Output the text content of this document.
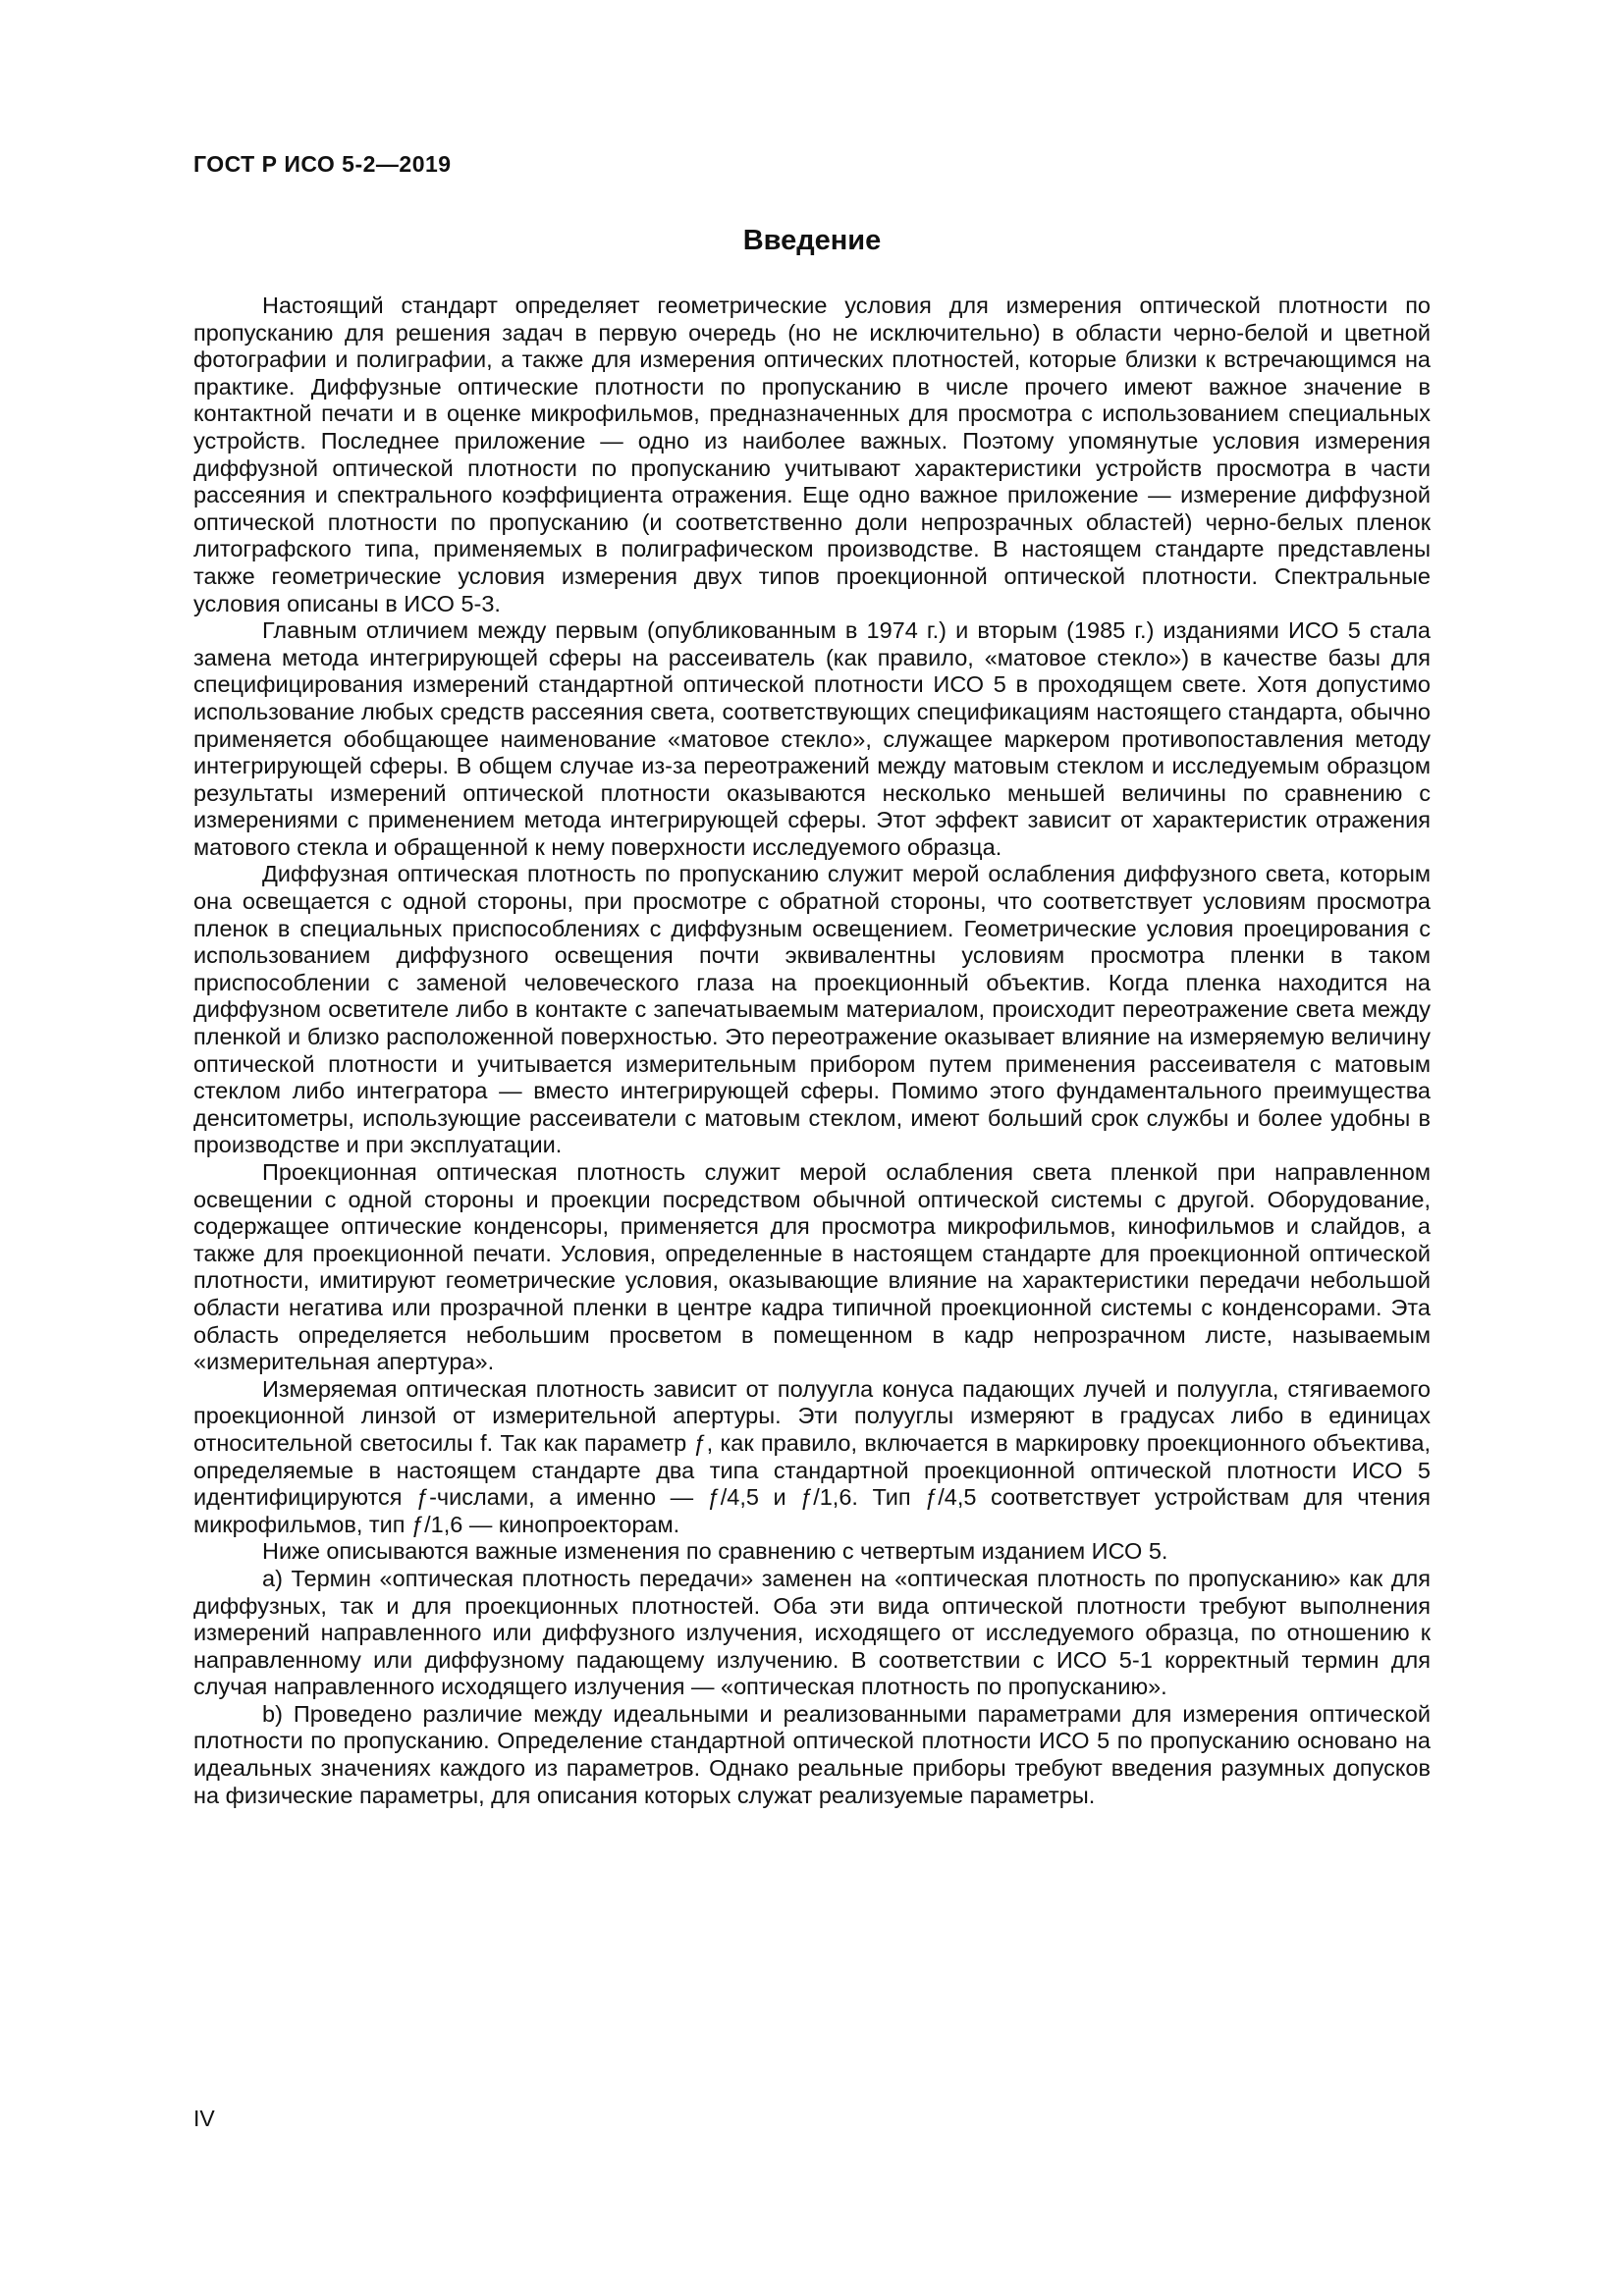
ГОСТ Р ИСО 5-2—2019
Введение

Настоящий стандарт определяет геометрические условия для измерения оптической плотности по пропусканию для решения задач в первую очередь (но не исключительно) в области черно-белой и цветной фотографии и полиграфии, а также для измерения оптических плотностей, которые близки к встречающимся на практике. Диффузные оптические плотности по пропусканию в числе прочего имеют важное значение в контактной печати и в оценке микрофильмов, предназначенных для просмотра с использованием специальных устройств. Последнее приложение — одно из наиболее важных. Поэтому упомянутые условия измерения диффузной оптической плотности по пропусканию учитывают характеристики устройств просмотра в части рассеяния и спектрального коэффициента отражения. Еще одно важное приложение — измерение диффузной оптической плотности по пропусканию (и соответственно доли непрозрачных областей) черно-белых пленок литографского типа, применяемых в полиграфическом производстве. В настоящем стандарте представлены также геометрические условия измерения двух типов проекционной оптической плотности. Спектральные условия описаны в ИСО 5-3.

Главным отличием между первым (опубликованным в 1974 г.) и вторым (1985 г.) изданиями ИСО 5 стала замена метода интегрирующей сферы на рассеиватель (как правило, «матовое стекло») в качестве базы для специфицирования измерений стандартной оптической плотности ИСО 5 в проходящем свете. Хотя допустимо использование любых средств рассеяния света, соответствующих спецификациям настоящего стандарта, обычно применяется обобщающее наименование «матовое стекло», служащее маркером противопоставления методу интегрирующей сферы. В общем случае из-за переотражений между матовым стеклом и исследуемым образцом результаты измерений оптической плотности оказываются несколько меньшей величины по сравнению с измерениями с применением метода интегрирующей сферы. Этот эффект зависит от характеристик отражения матового стекла и обращенной к нему поверхности исследуемого образца.

Диффузная оптическая плотность по пропусканию служит мерой ослабления диффузного света, которым она освещается с одной стороны, при просмотре с обратной стороны, что соответствует условиям просмотра пленок в специальных приспособлениях с диффузным освещением. Геометрические условия проецирования с использованием диффузного освещения почти эквивалентны условиям просмотра пленки в таком приспособлении с заменой человеческого глаза на проекционный объектив. Когда пленка находится на диффузном осветителе либо в контакте с запечатываемым материалом, происходит переотражение света между пленкой и близко расположенной поверхностью. Это переотражение оказывает влияние на измеряемую величину оптической плотности и учитывается измерительным прибором путем применения рассеивателя с матовым стеклом либо интегратора — вместо интегрирующей сферы. Помимо этого фундаментального преимущества денситометры, использующие рассеиватели с матовым стеклом, имеют больший срок службы и более удобны в производстве и при эксплуатации.

Проекционная оптическая плотность служит мерой ослабления света пленкой при направленном освещении с одной стороны и проекции посредством обычной оптической системы с другой. Оборудование, содержащее оптические конденсоры, применяется для просмотра микрофильмов, кинофильмов и слайдов, а также для проекционной печати. Условия, определенные в настоящем стандарте для проекционной оптической плотности, имитируют геометрические условия, оказывающие влияние на характеристики передачи небольшой области негатива или прозрачной пленки в центре кадра типичной проекционной системы с конденсорами. Эта область определяется небольшим просветом в помещенном в кадр непрозрачном листе, называемым «измерительная апертура».

Измеряемая оптическая плотность зависит от полуугла конуса падающих лучей и полуугла, стягиваемого проекционной линзой от измерительной апертуры. Эти полууглы измеряют в градусах либо в единицах относительной светосилы f. Так как параметр ƒ, как правило, включается в маркировку проекционного объектива, определяемые в настоящем стандарте два типа стандартной проекционной оптической плотности ИСО 5 идентифицируются ƒ-числами, а именно — ƒ/4,5 и ƒ/1,6. Тип ƒ/4,5 соответствует устройствам для чтения микрофильмов, тип ƒ/1,6 — кинопроекторам.

Ниже описываются важные изменения по сравнению с четвертым изданием ИСО 5.

a) Термин «оптическая плотность передачи» заменен на «оптическая плотность по пропусканию» как для диффузных, так и для проекционных плотностей. Оба эти вида оптической плотности требуют выполнения измерений направленного или диффузного излучения, исходящего от исследуемого образца, по отношению к направленному или диффузному падающему излучению. В соответствии с ИСО 5-1 корректный термин для случая направленного исходящего излучения — «оптическая плотность по пропусканию».

b) Проведено различие между идеальными и реализованными параметрами для измерения оптической плотности по пропусканию. Определение стандартной оптической плотности ИСО 5 по пропусканию основано на идеальных значениях каждого из параметров. Однако реальные приборы требуют введения разумных допусков на физические параметры, для описания которых служат реализуемые параметры.

IV
